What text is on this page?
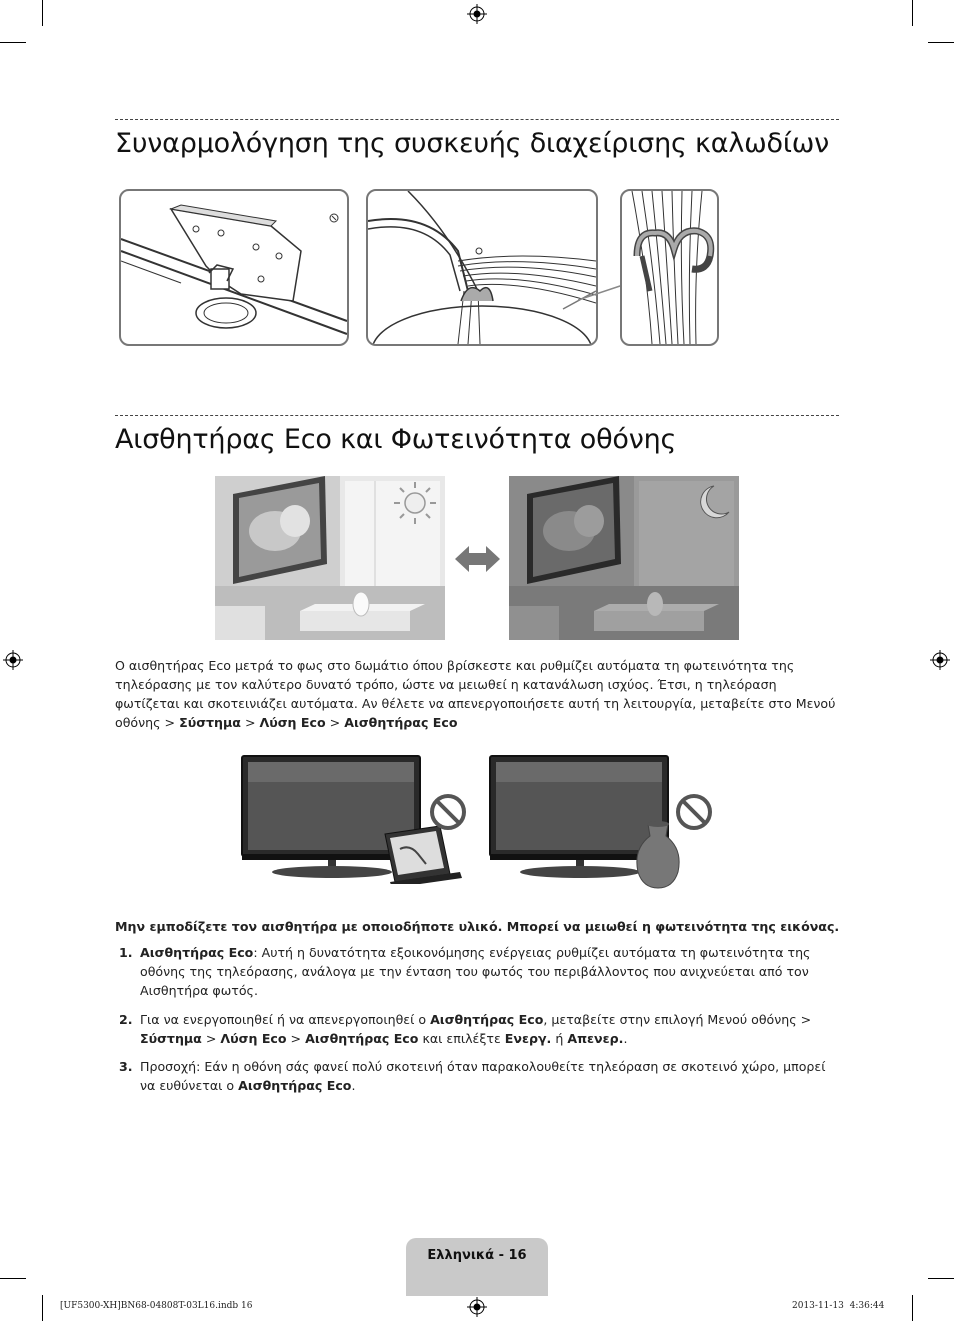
Συναρμολόγηση της συσκευής διαχείρισης καλωδίων
Αισθητήρας Eco και Φωτεινότητα οθόνης
Ο αισθητήρας Eco μετρά το φως στο δωμάτιο όπου βρίσκεστε και ρυθμίζει αυτόματα τη φωτεινότητα της τηλεόρασης με τον καλύτερο δυνατό τρόπο, ώστε να μειωθεί η κατανάλωση ισχύος. Έτσι, η τηλεόραση φωτίζεται και σκοτεινιάζει αυτόματα. Αν θέλετε να απενεργοποιήσετε αυτή τη λειτουργία, μεταβείτε στο Μενού οθόνης > Σύστημα > Λύση Eco > Αισθητήρας Eco
Μην εμποδίζετε τον αισθητήρα με οποιοδήποτε υλικό. Μπορεί να μειωθεί η φωτεινότητα της εικόνας.
1. Αισθητήρας Eco: Αυτή η δυνατότητα εξοικονόμησης ενέργειας ρυθμίζει αυτόματα τη φωτεινότητα της οθόνης της τηλεόρασης, ανάλογα με την ένταση του φωτός του περιβάλλοντος που ανιχνεύεται από τον Αισθητήρα φωτός.
2. Για να ενεργοποιηθεί ή να απενεργοποιηθεί ο Αισθητήρας Eco, μεταβείτε στην επιλογή Μενού οθόνης > Σύστημα > Λύση Eco > Αισθητήρας Eco και επιλέξτε Ενεργ. ή Απενερ..
3. Προσοχή: Εάν η οθόνη σάς φανεί πολύ σκοτεινή όταν παρακολουθείτε τηλεόραση σε σκοτεινό χώρο, μπορεί να ευθύνεται ο Αισθητήρας Eco.
Ελληνικά - 16
[UF5300-XH]BN68-04808T-03L16.indb 16	2013-11-13 ￼ 4:36:44
